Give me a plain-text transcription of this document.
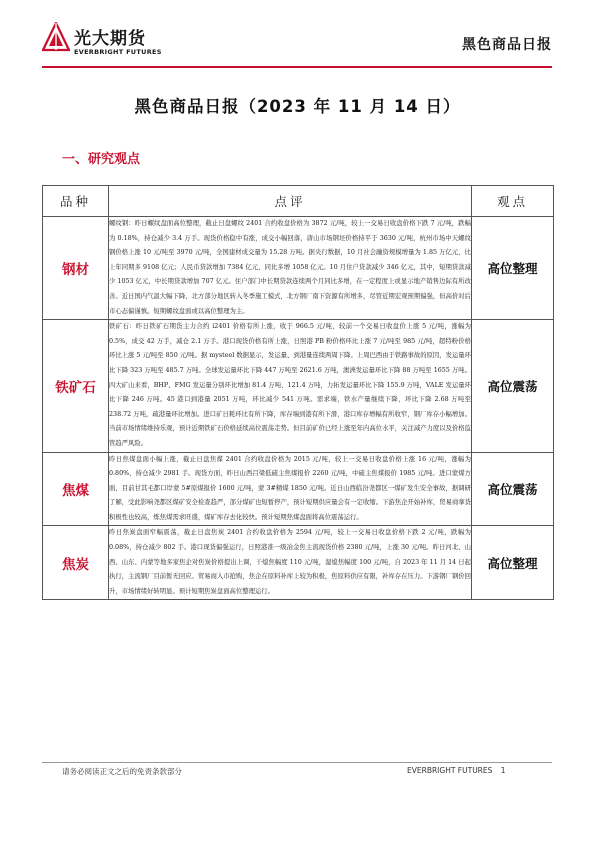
光大期货
EVERBRIGHT FUTURES	黑色商品日报
黑色商品日报（2023 年 11 月 14 日）
一、研究观点
品种	点评	观点
钢材	螺纹钢：昨日螺纹盘面高位整理，截止日盘螺纹 2401 合约收盘价格为 3872 元/吨，较上一交易日收盘价格下跌 7 元/吨，跌幅为 0.18%，持仓减少 3.4 万手。现货价格稳中有涨，成交小幅回落，唐山市场钢坯价格持平于 3630 元/吨，杭州市场中天螺纹钢价格上涨 10 元/吨至 3970 元/吨，全国建材成交量为 15.28 万吨。据央行数据，10 月社会融资规模增量为 1.85 万亿元，比上年同期多 9108 亿元；人民币贷款增加 7384 亿元，同比多增 1058 亿元。10 月住户贷款减少 346 亿元，其中，短期贷款减少 1053 亿元，中长期贷款增加 707 亿元。住户部门中长期贷款连续两个月同比多增，在一定程度上或显示地产销售边际有所改善。近日国内气温大幅下降，北方部分地区转入冬季施工模式，北方钢厂南下资源有所增多，尽管近期宏观预期偏强，但高价对后市心态偏谨慎。短期螺纹盘面或以高位整理为主。	高位整理
铁矿石	铁矿石：昨日铁矿石期货主力合约 i2401 价格有所上涨，收于 966.5 元/吨，较前一个交易日收盘价上涨 5 元/吨，涨幅为 0.5%，成交 42 万手，减仓 2.1 万手。港口现货价格有所上涨，日照港 PB 粉价格环比上涨 7 元/吨至 985 元/吨，超特粉价格环比上涨 5 元/吨至 850 元/吨。据 mysteel 数据显示，发运量、到港量连续两周下降。上周巴西由于铁路事故的原因，发运量环比下降 323 万吨至 485.7 万吨。全球发运量环比下降 447 万吨至 2621.6 万吨，澳洲发运量环比下降 88 万吨至 1655 万吨。四大矿山来看，BHP、FMG 发运量分别环比增加 81.4 万吨、121.4 万吨，力拓发运量环比下降 155.9 万吨，VALE 发运量环比下降 246 万吨。45 港口到港量 2051 万吨，环比减少 541 万吨。需求端，铁水产量继续下降，环比下降 2.68 万吨至 238.72 万吨，疏港量环比增加。进口矿日耗环比有所下降，库存端到港有所下滑，港口库存增幅有所收窄，钢厂库存小幅增加。当前市场情绪维持乐观，预计近期铁矿石价格延续高位震荡走势。但目前矿价已经上涨至年内高位水平，关注减产力度以及价格监管趋严风险。	高位震荡
焦煤	昨日焦煤盘面小幅上涨，截止日盘焦煤 2401 合约收盘价格为 2015 元/吨，较上一交易日收盘价格上涨 16 元/吨，涨幅为 0.80%，持仓减少 2981 手。现货方面，昨日山西吕梁低硫主焦煤报价 2260 元/吨，中硫主焦煤报价 1985 元/吨。进口蒙煤方面，目前甘其毛都口岸蒙 5#原煤报价 1600 元/吨，蒙 3#精煤 1850 元/吨。近日山西临汾尧都区一煤矿发生安全事故，据调研了解，受此影响尧都区煤矿安全检查趋严，部分煤矿也短暂停产，预计短期供应量会有一定收缩。下游焦企开始补库，贸易商拿货积极性也较高，炼焦煤需求旺盛，煤矿库存去化较快。预计短期焦煤盘面将高位震荡运行。	高位震荡
焦炭	昨日焦炭盘面窄幅震荡，截止日盘焦炭 2401 合约收盘价格为 2594 元/吨，较上一交易日收盘价格下跌 2 元/吨，跌幅为 0.08%，持仓减少 802 手。港口现货偏强运行，日照港准一级冶金焦主流现货价格 2380 元/吨，上涨 30 元/吨。昨日河北、山西、山东、内蒙等地多家焦企对焦炭价格提出上调，干熄焦幅度 110 元/吨，湿熄焦幅度 100 元/吨，自 2023 年 11 月 14 日起执行，主流钢厂目前暂无回应。贸易商入市抢购，焦企在原料补库上较为积极，焦原料供应有限，补库存在压力。下游钢厂钢价回升，市场情绪好转明显。预计短期焦炭盘面高位整理运行。	高位整理
请务必阅读正文之后的免责条款部分	EVERBRIGHT FUTURES 1
